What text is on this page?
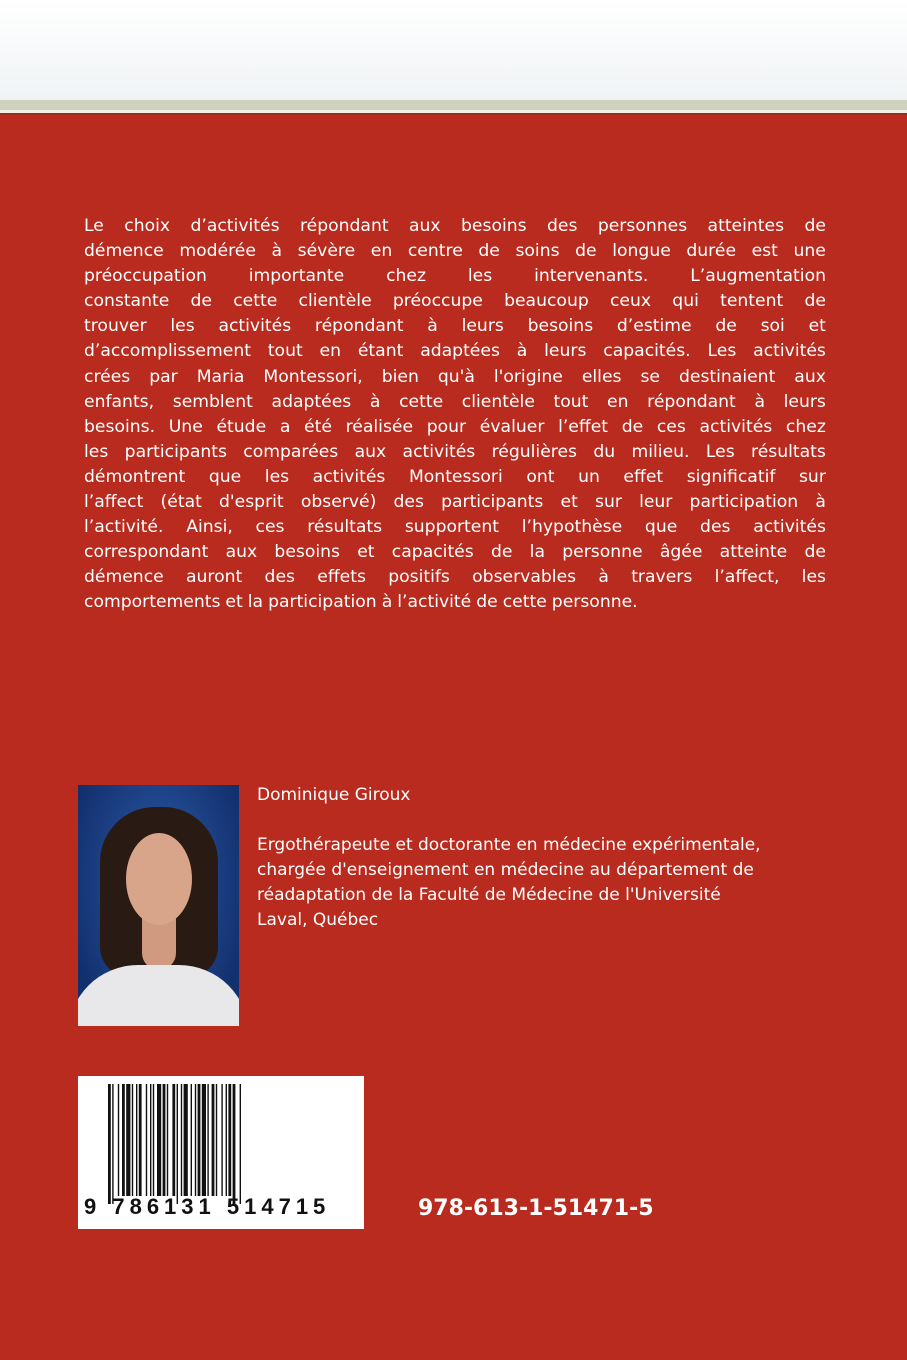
Le choix d’activités répondant aux besoins des personnes atteintes de
démence modérée à sévère en centre de soins de longue durée est une
préoccupation importante chez les intervenants. L’augmentation
constante de cette clientèle préoccupe beaucoup ceux qui tentent de
trouver les activités répondant à leurs besoins d’estime de soi et
d’accomplissement tout en étant adaptées à leurs capacités. Les activités
crées par Maria Montessori, bien qu'à l'origine elles se destinaient aux
enfants, semblent adaptées à cette clientèle tout en répondant à leurs
besoins. Une étude a été réalisée pour évaluer l’effet de ces activités chez
les participants comparées aux activités régulières du milieu. Les résultats
démontrent que les activités Montessori ont un effet significatif sur
l’affect (état d'esprit observé) des participants et sur leur participation à
l’activité. Ainsi, ces résultats supportent l’hypothèse que des activités
correspondant aux besoins et capacités de la personne âgée atteinte de
démence auront des effets positifs observables à travers l’affect, les
comportements et la participation à l’activité de cette personne.
Dominique Giroux
Ergothérapeute et doctorante en médecine expérimentale,
chargée d'enseignement en médecine au département de
réadaptation de la Faculté de Médecine de l'Université
Laval, Québec
9 786131 514715	978-613-1-51471-5
